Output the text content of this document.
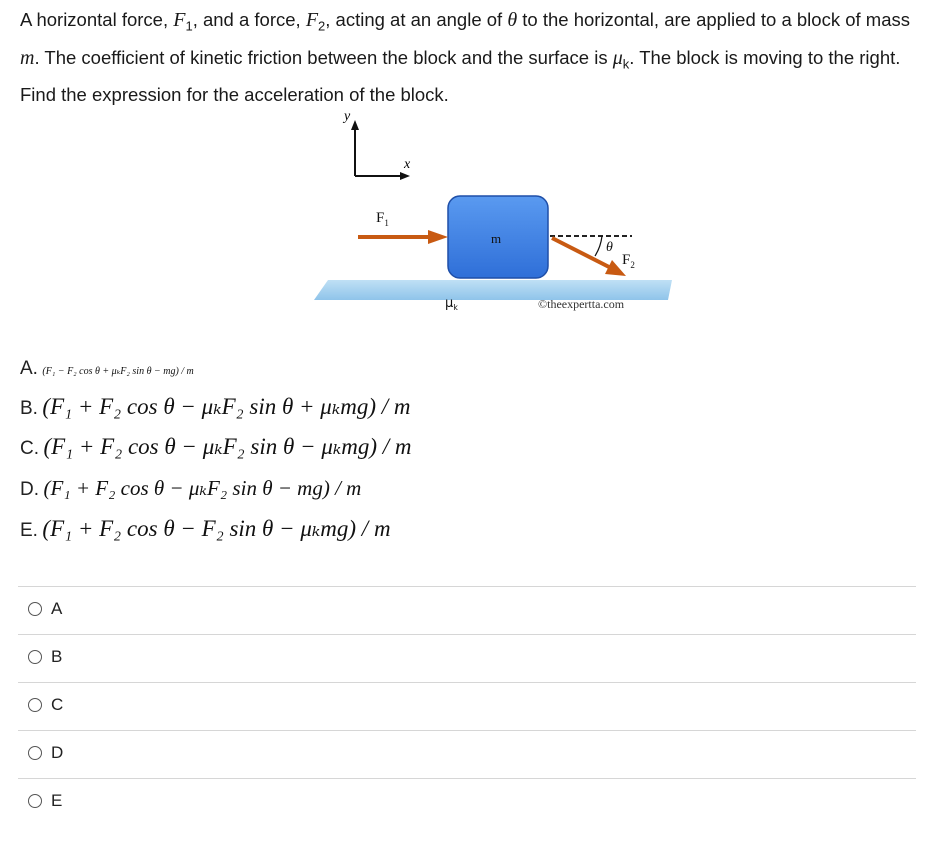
A horizontal force, $F_1$, and a force, $F_2$, acting at an angle of θ to the horizontal, are applied to a block of mass m. The coefficient of kinetic friction between the block and the surface is $\mu_k$. The block is moving to the right. Find the expression for the acceleration of the block.
y
x
m
$F_1$
θ
$F_2$
$\mu_k$	©theexpertta.com
A. (F₁ − F₂ cos θ + μₖF₂ sin θ − mg) / m
B. (F₁ + F₂ cos θ − μₖF₂ sin θ + μₖmg) / m
C. (F₁ + F₂ cos θ − μₖF₂ sin θ − μₖmg) / m
D. (F₁ + F₂ cos θ − μₖF₂ sin θ − mg) / m
E. (F₁ + F₂ cos θ − F₂ sin θ − μₖmg) / m
A
B
C
D
E
